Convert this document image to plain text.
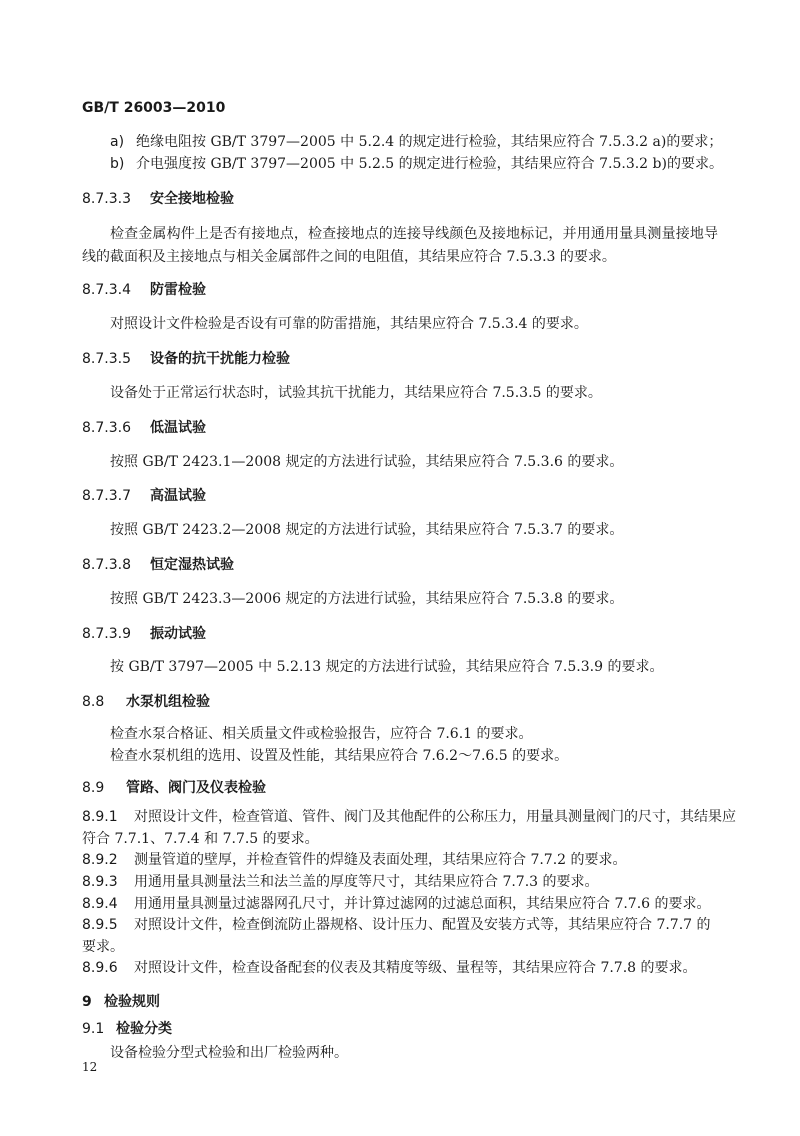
GB/T 26003—2010
a) 绝缘电阻按 GB/T 3797—2005 中 5.2.4 的规定进行检验，其结果应符合 7.5.3.2 a)的要求；
b) 介电强度按 GB/T 3797—2005 中 5.2.5 的规定进行检验，其结果应符合 7.5.3.2 b)的要求。
8.7.3.3 安全接地检验
检查金属构件上是否有接地点，检查接地点的连接导线颜色及接地标记，并用通用量具测量接地导
线的截面积及主接地点与相关金属部件之间的电阻值，其结果应符合 7.5.3.3 的要求。
8.7.3.4 防雷检验
对照设计文件检验是否设有可靠的防雷措施，其结果应符合 7.5.3.4 的要求。
8.7.3.5 设备的抗干扰能力检验
设备处于正常运行状态时，试验其抗干扰能力，其结果应符合 7.5.3.5 的要求。
8.7.3.6 低温试验
按照 GB/T 2423.1—2008 规定的方法进行试验，其结果应符合 7.5.3.6 的要求。
8.7.3.7 高温试验
按照 GB/T 2423.2—2008 规定的方法进行试验，其结果应符合 7.5.3.7 的要求。
8.7.3.8 恒定湿热试验
按照 GB/T 2423.3—2006 规定的方法进行试验，其结果应符合 7.5.3.8 的要求。
8.7.3.9 振动试验
按 GB/T 3797—2005 中 5.2.13 规定的方法进行试验，其结果应符合 7.5.3.9 的要求。
8.8 水泵机组检验
检查水泵合格证、相关质量文件或检验报告，应符合 7.6.1 的要求。
检查水泵机组的选用、设置及性能，其结果应符合 7.6.2～7.6.5 的要求。
8.9 管路、阀门及仪表检验
8.9.1 对照设计文件，检查管道、管件、阀门及其他配件的公称压力，用量具测量阀门的尺寸，其结果应
符合 7.7.1、7.7.4 和 7.7.5 的要求。
8.9.2 测量管道的壁厚，并检查管件的焊缝及表面处理，其结果应符合 7.7.2 的要求。
8.9.3 用通用量具测量法兰和法兰盖的厚度等尺寸，其结果应符合 7.7.3 的要求。
8.9.4 用通用量具测量过滤器网孔尺寸，并计算过滤网的过滤总面积，其结果应符合 7.7.6 的要求。
8.9.5 对照设计文件，检查倒流防止器规格、设计压力、配置及安装方式等，其结果应符合 7.7.7 的
要求。
8.9.6 对照设计文件，检查设备配套的仪表及其精度等级、量程等，其结果应符合 7.7.8 的要求。
9 检验规则
9.1 检验分类
设备检验分型式检验和出厂检验两种。
12
